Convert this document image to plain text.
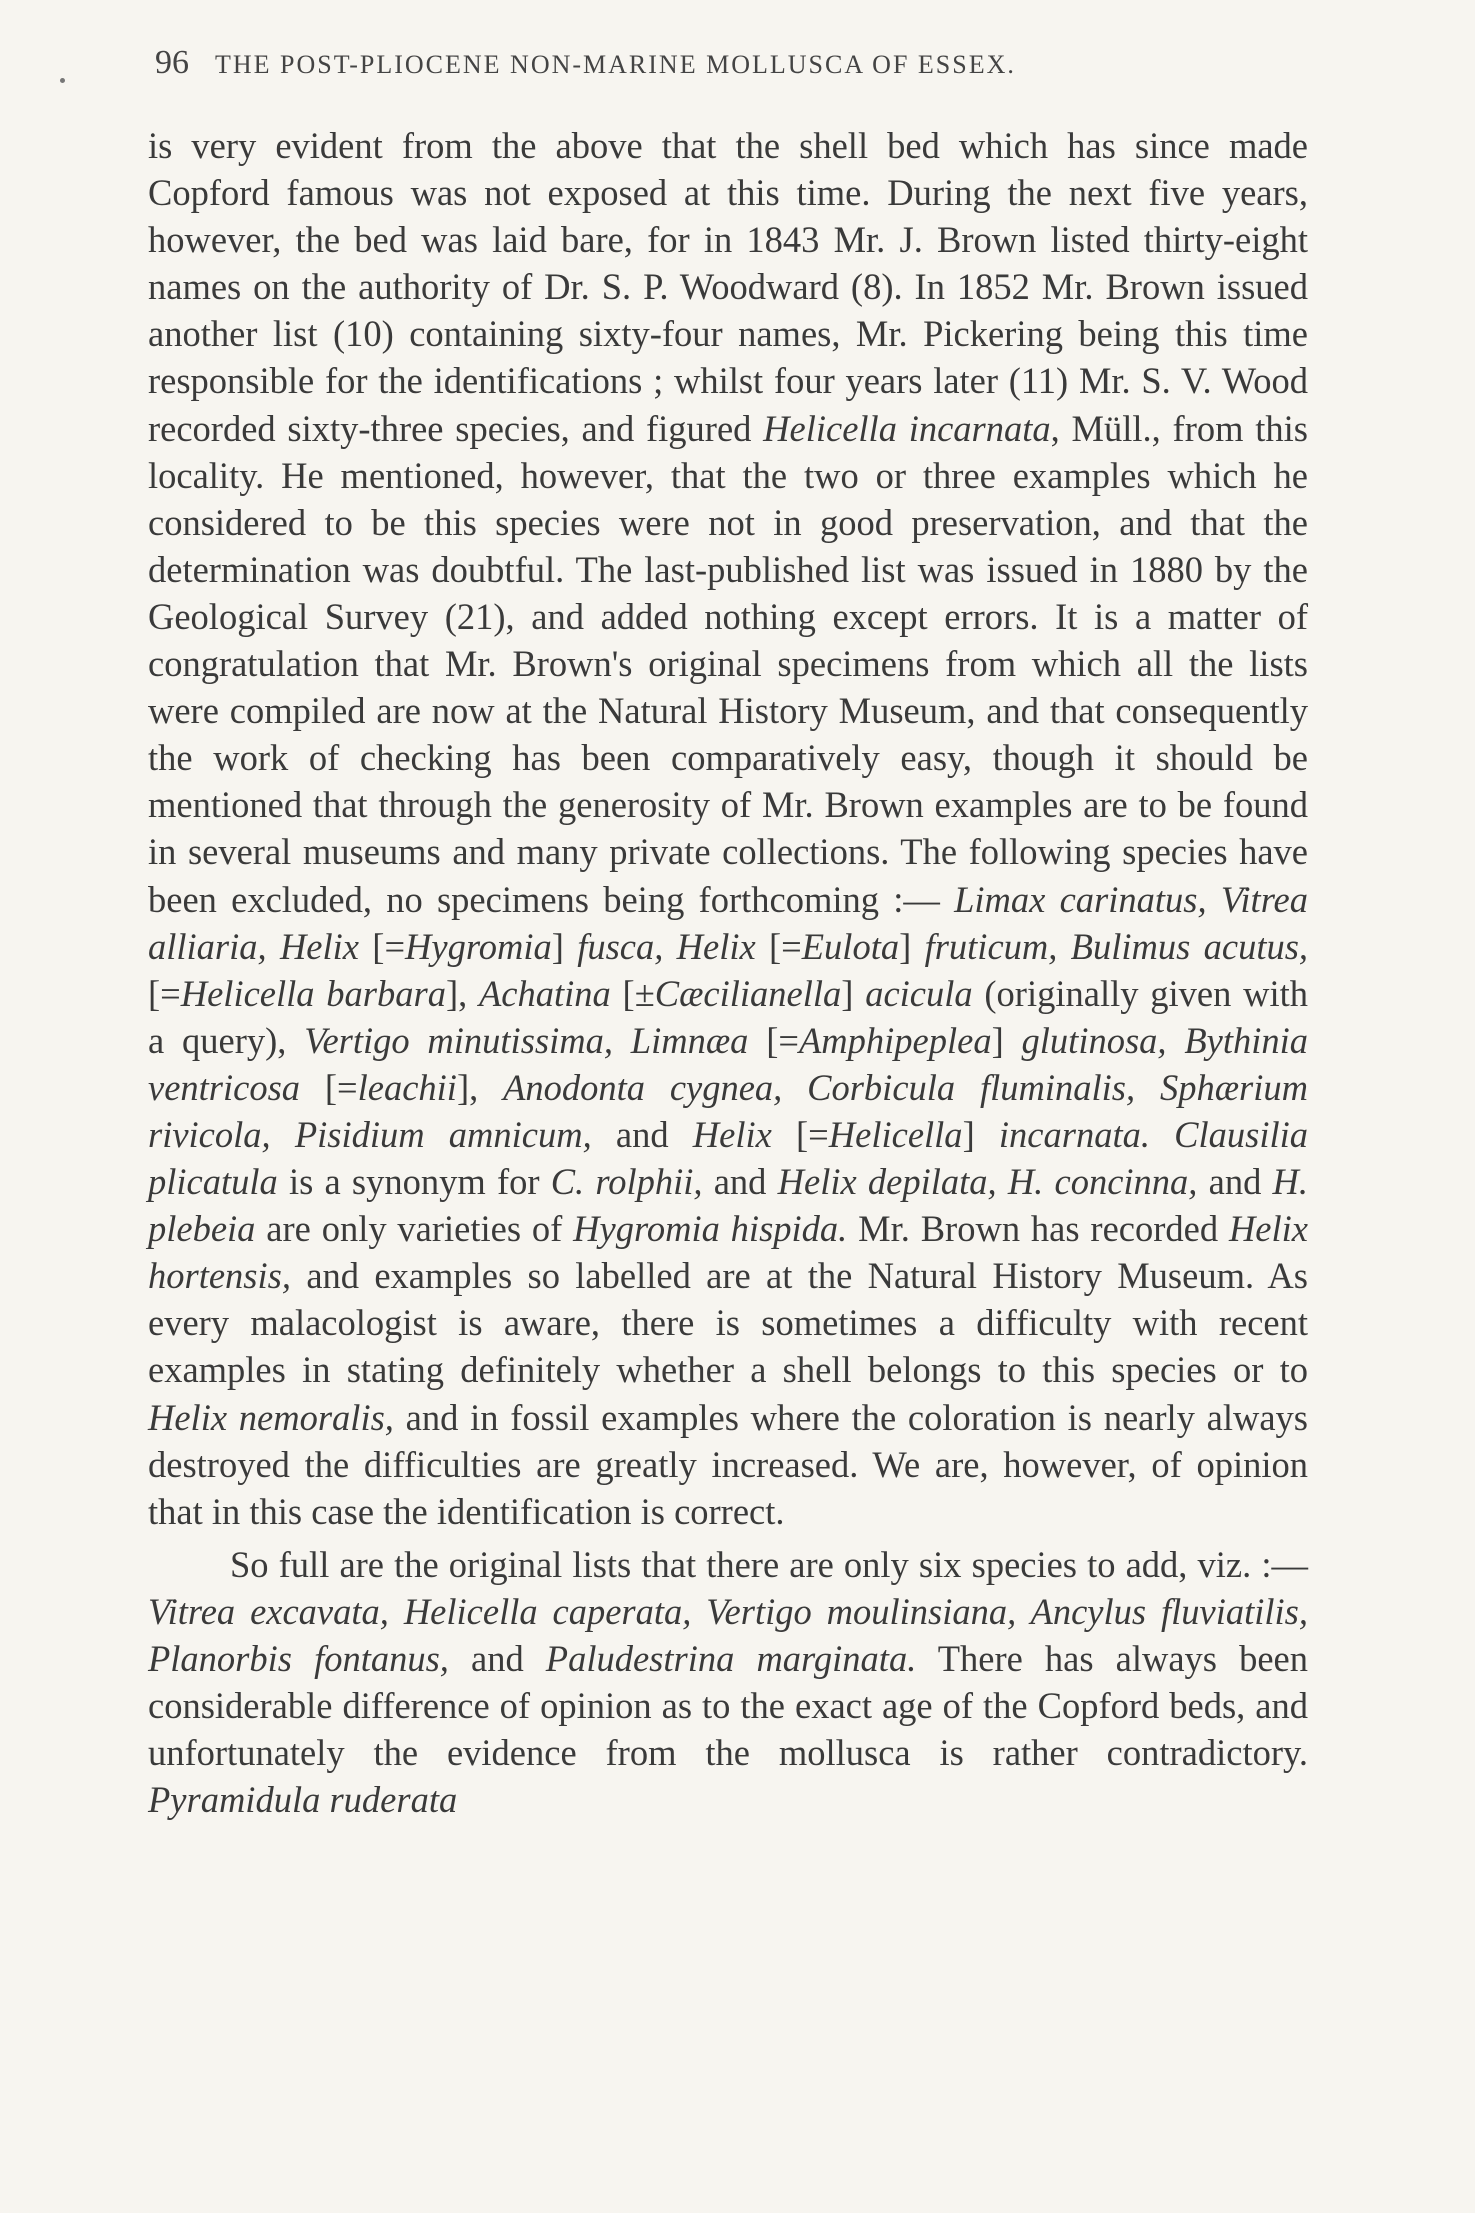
96 THE POST-PLIOCENE NON-MARINE MOLLUSCA OF ESSEX.

is very evident from the above that the shell bed which has since made Copford famous was not exposed at this time. During the next five years, however, the bed was laid bare, for in 1843 Mr. J. Brown listed thirty-eight names on the authority of Dr. S. P. Woodward (8). In 1852 Mr. Brown issued another list (10) containing sixty-four names, Mr. Pickering being this time responsible for the identifications ; whilst four years later (11) Mr. S. V. Wood recorded sixty-three species, and figured Helicella incarnata, Müll., from this locality. He mentioned, however, that the two or three examples which he considered to be this species were not in good preservation, and that the determination was doubtful. The last-published list was issued in 1880 by the Geological Survey (21), and added nothing except errors. It is a matter of congratulation that Mr. Brown's original specimens from which all the lists were compiled are now at the Natural History Museum, and that consequently the work of checking has been comparatively easy, though it should be mentioned that through the generosity of Mr. Brown examples are to be found in several museums and many private collections. The following species have been excluded, no specimens being forthcoming :— Limax carinatus, Vitrea alliaria, Helix [=Hygromia] fusca, Helix [=Eulota] fruticum, Bulimus acutus, [=Helicella barbara], Achatina [±Cæcilianella] acicula (originally given with a query), Vertigo minutissima, Limnæa [=Amphipeplea] glutinosa, Bythinia ventricosa [=leachii], Anodonta cygnea, Corbicula fluminalis, Sphærium rivicola, Pisidium amnicum, and Helix [=Helicella] incarnata. Clausilia plicatula is a synonym for C. rolphii, and Helix depilata, H. concinna, and H. plebeia are only varieties of Hygromia hispida. Mr. Brown has recorded Helix hortensis, and examples so labelled are at the Natural History Museum. As every malacologist is aware, there is sometimes a difficulty with recent examples in stating definitely whether a shell belongs to this species or to Helix nemoralis, and in fossil examples where the coloration is nearly always destroyed the difficulties are greatly increased. We are, however, of opinion that in this case the identification is correct.

So full are the original lists that there are only six species to add, viz. :—Vitrea excavata, Helicella caperata, Vertigo moulinsiana, Ancylus fluviatilis, Planorbis fontanus, and Paludestrina marginata. There has always been considerable difference of opinion as to the exact age of the Copford beds, and unfortunately the evidence from the mollusca is rather contradictory. Pyramidula ruderata
